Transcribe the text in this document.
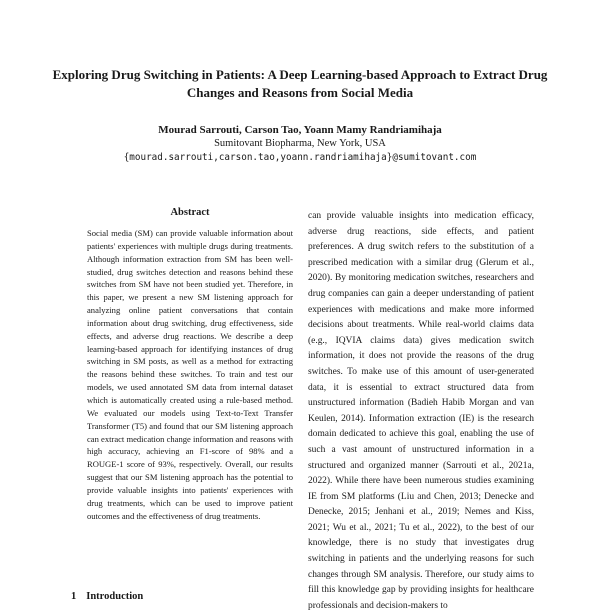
Exploring Drug Switching in Patients: A Deep Learning-based Approach to Extract Drug Changes and Reasons from Social Media
Mourad Sarrouti, Carson Tao, Yoann Mamy Randriamihaja
Sumitovant Biopharma, New York, USA
{mourad.sarrouti,carson.tao,yoann.randriamihaja}@sumitovant.com
Abstract
Social media (SM) can provide valuable information about patients' experiences with multiple drugs during treatments. Although information extraction from SM has been well-studied, drug switches detection and reasons behind these switches from SM have not been studied yet. Therefore, in this paper, we present a new SM listening approach for analyzing online patient conversations that contain information about drug switching, drug effectiveness, side effects, and adverse drug reactions. We describe a deep learning-based approach for identifying instances of drug switching in SM posts, as well as a method for extracting the reasons behind these switches. To train and test our models, we used annotated SM data from internal dataset which is automatically created using a rule-based method. We evaluated our models using Text-to-Text Transfer Transformer (T5) and found that our SM listening approach can extract medication change information and reasons with high accuracy, achieving an F1-score of 98% and a ROUGE-1 score of 93%, respectively. Overall, our results suggest that our SM listening approach has the potential to provide valuable insights into patients' experiences with drug treatments, which can be used to improve patient outcomes and the effectiveness of drug treatments.
can provide valuable insights into medication efficacy, adverse drug reactions, side effects, and patient preferences. A drug switch refers to the substitution of a prescribed medication with a similar drug (Glerum et al., 2020). By monitoring medication switches, researchers and drug companies can gain a deeper understanding of patient experiences with medications and make more informed decisions about treatments. While real-world claims data (e.g., IQVIA claims data) gives medication switch information, it does not provide the reasons of the drug switches. To make use of this amount of user-generated data, it is essential to extract structured data from unstructured information (Badieh Habib Morgan and van Keulen, 2014). Information extraction (IE) is the research domain dedicated to achieve this goal, enabling the use of such a vast amount of unstructured information in a structured and organized manner (Sarrouti et al., 2021a, 2022). While there have been numerous studies examining IE from SM platforms (Liu and Chen, 2013; Denecke and Denecke, 2015; Jenhani et al., 2019; Nemes and Kiss, 2021; Wu et al., 2021; Tu et al., 2022), to the best of our knowledge, there is no study that investigates drug switching in patients and the underlying reasons for such changes through SM analysis. Therefore, our study aims to fill this knowledge gap by providing insights for healthcare professionals and decision-makers to
1 Introduction
